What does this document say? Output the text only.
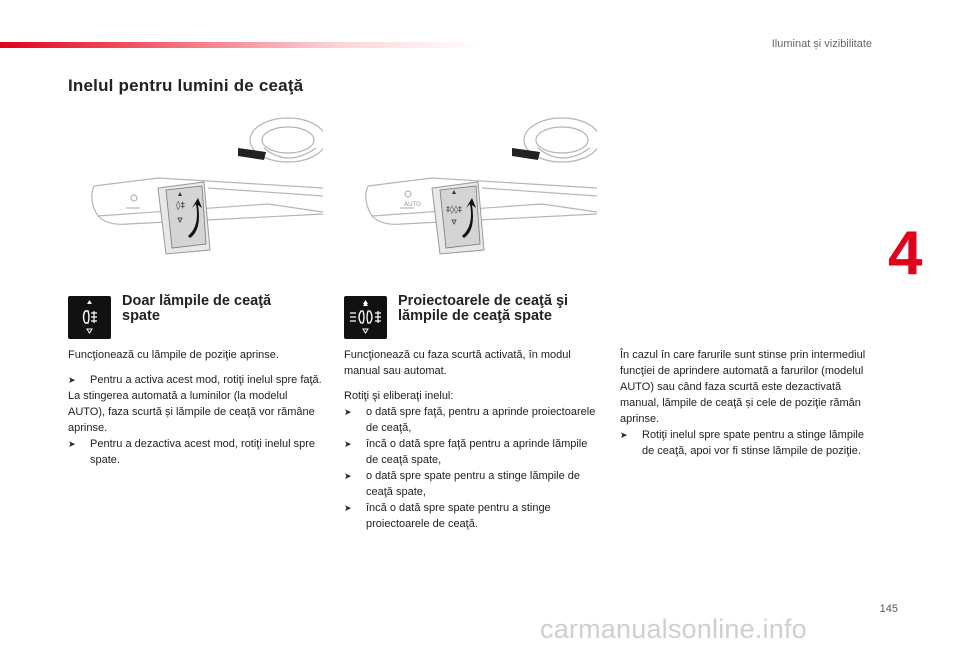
Iluminat și vizibilitate
4
Inelul pentru lumini de ceaţă
◊‡	AUTO
‡◊◊‡
Doar lămpile de ceaţă spate

Funcţionează cu lămpile de poziţie aprinse.

➤	Pentru a activa acest mod, rotiţi inelul spre faţă.

La stingerea automată a luminilor (la modelul AUTO), faza scurtă și lămpile de ceaţă vor rămâne aprinse.

➤	Pentru a dezactiva acest mod, rotiţi inelul spre spate.
Proiectoarele de ceaţă şi lămpile de ceaţă spate

Funcţionează cu faza scurtă activată, în modul manual sau automat.

Rotiţi şi eliberaţi inelul:

➤	o dată spre faţă, pentru a aprinde proiectoarele de ceaţă,
➤	încă o dată spre faţă pentru a aprinde lămpile de ceaţă spate,
➤	o dată spre spate pentru a stinge lămpile de ceaţă spate,
➤	încă o dată spre spate pentru a stinge proiectoarele de ceaţă.

În cazul în care farurile sunt stinse prin intermediul funcţiei de aprindere automată a farurilor (modelul AUTO) sau când faza scurtă este dezactivată manual, lămpile de ceaţă și cele de poziţie rămân aprinse.

➤	Rotiţi inelul spre spate pentru a stinge lămpile de ceaţă, apoi vor fi stinse lămpile de poziţie.
145
carmanualsonline.info
